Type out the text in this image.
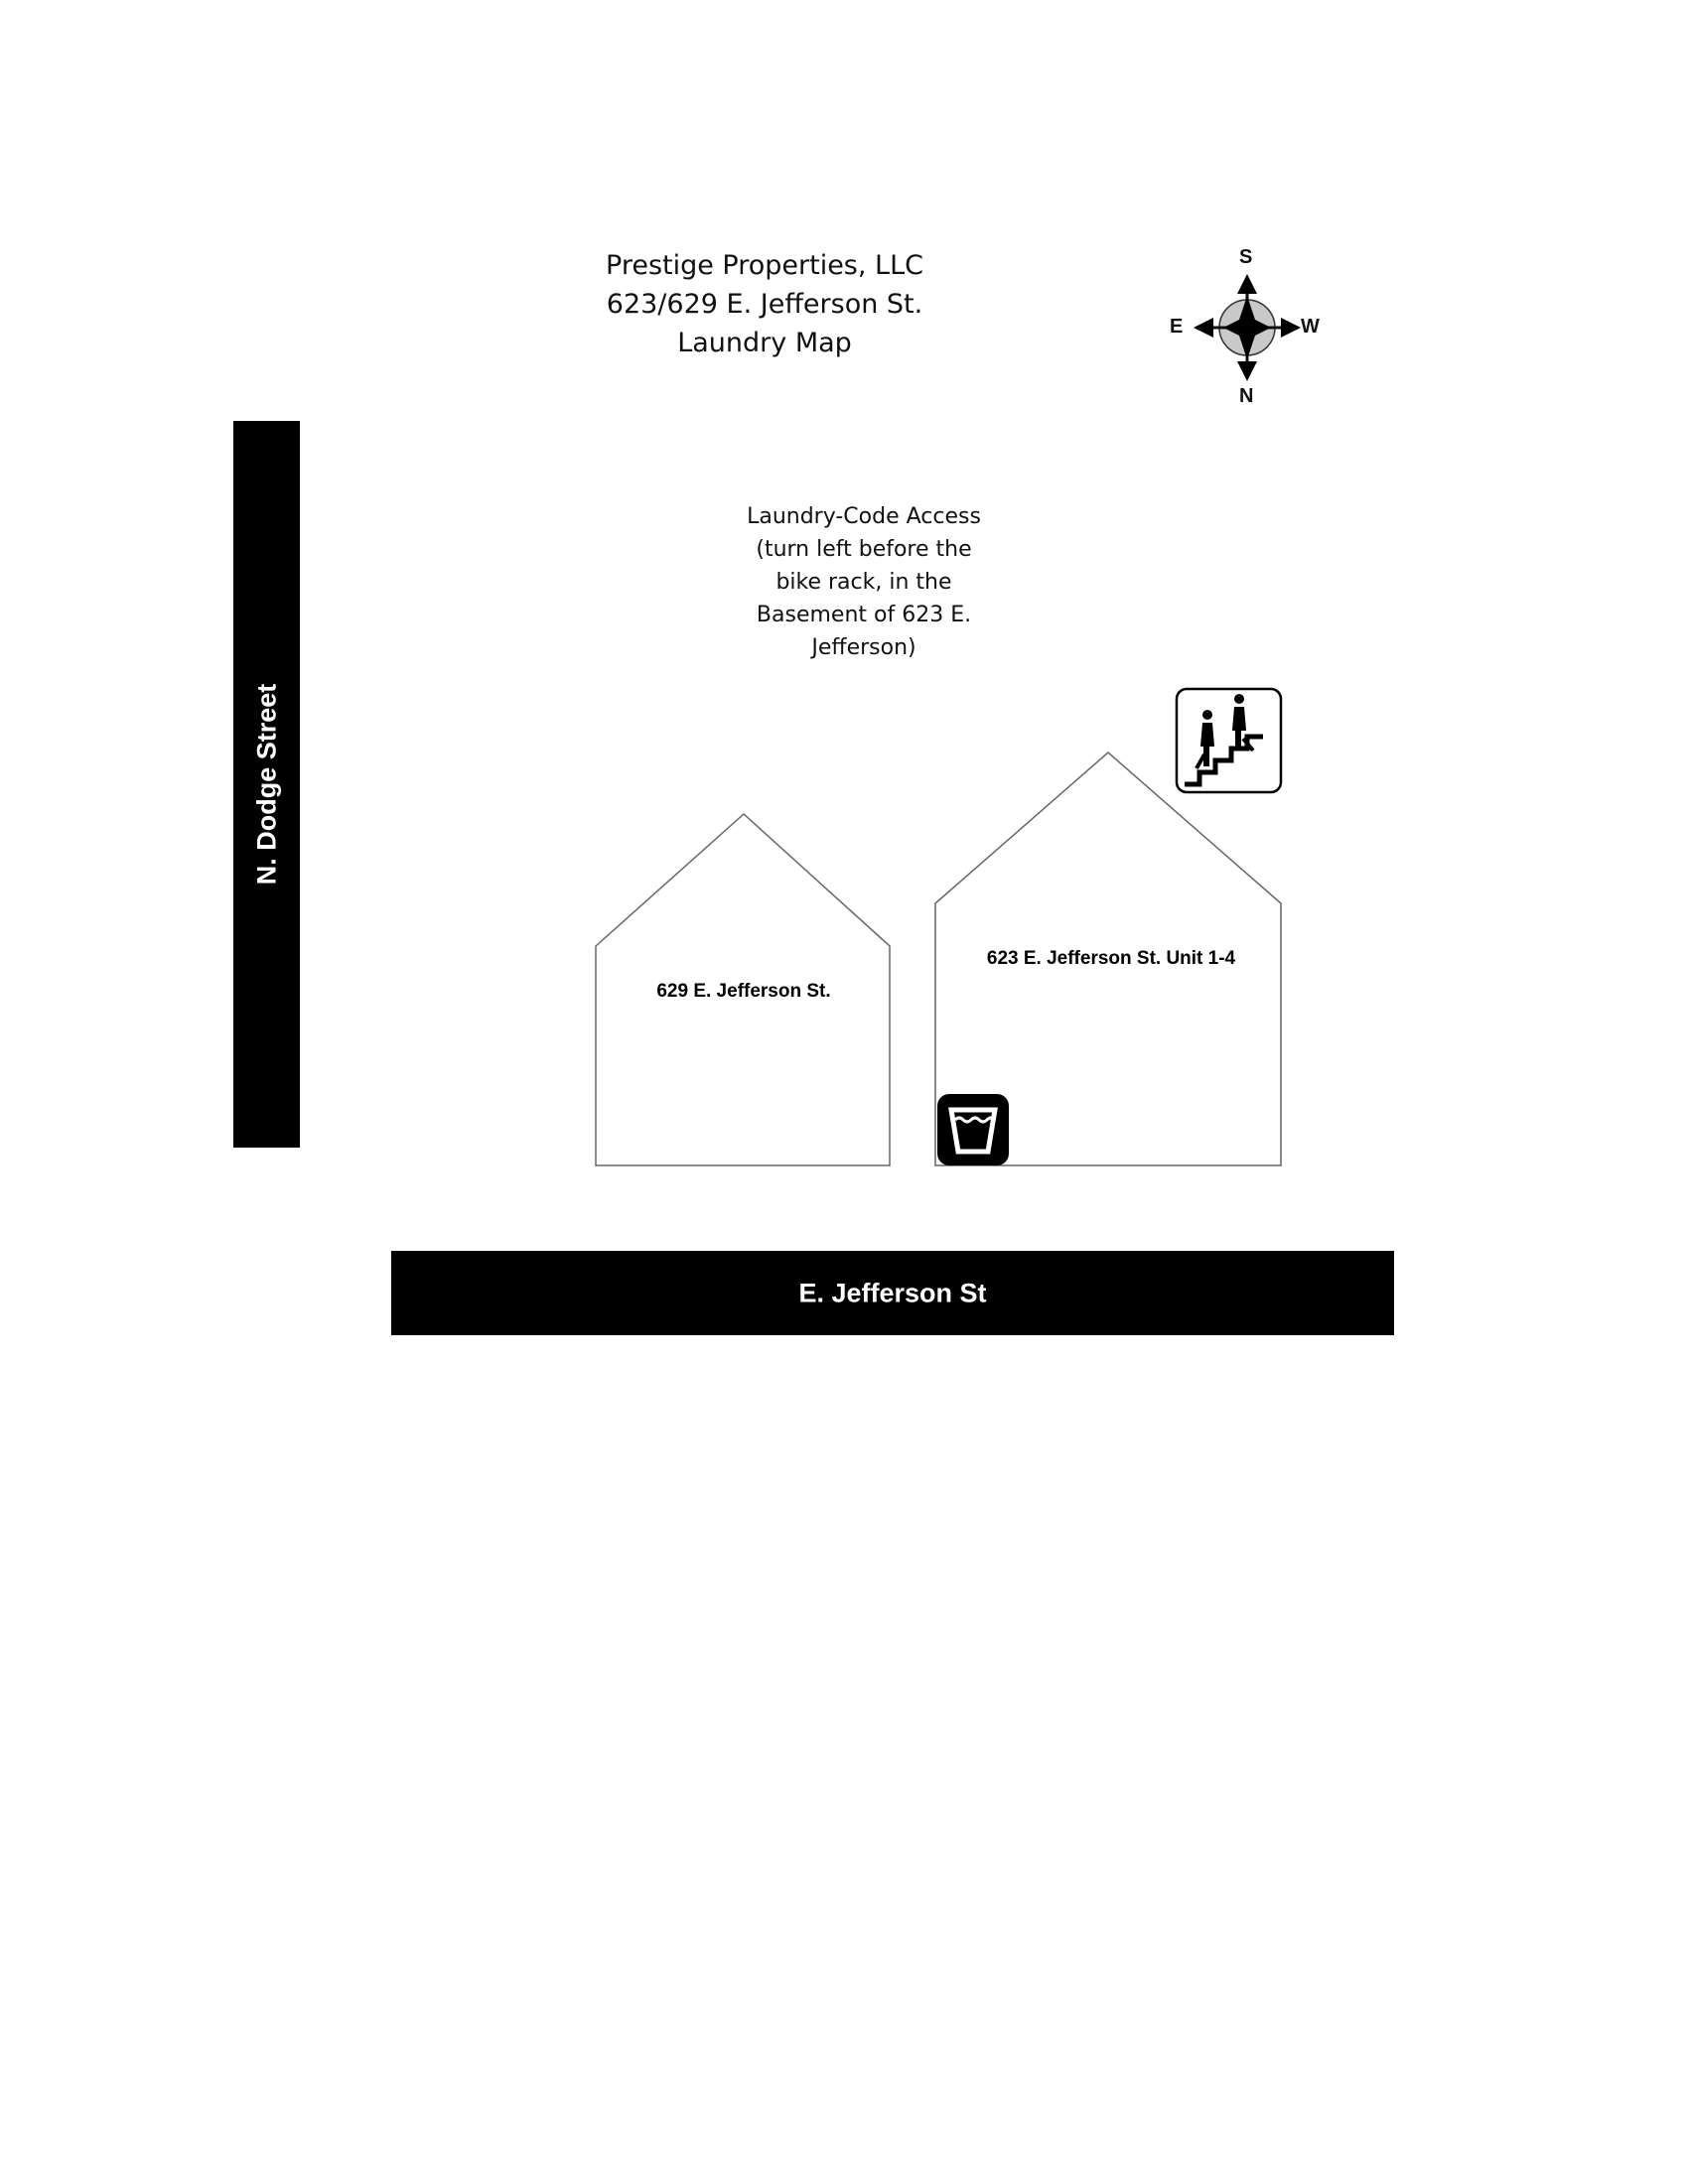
Prestige Properties, LLC
623/629 E. Jefferson St.
Laundry Map
S
E	W
N
Laundry-Code Access
(turn left before the
bike rack, in the
Basement of 623 E.
Jefferson)
N. Dodge Street
E. Jefferson St
629 E. Jefferson St.
623 E. Jefferson St. Unit 1-4
